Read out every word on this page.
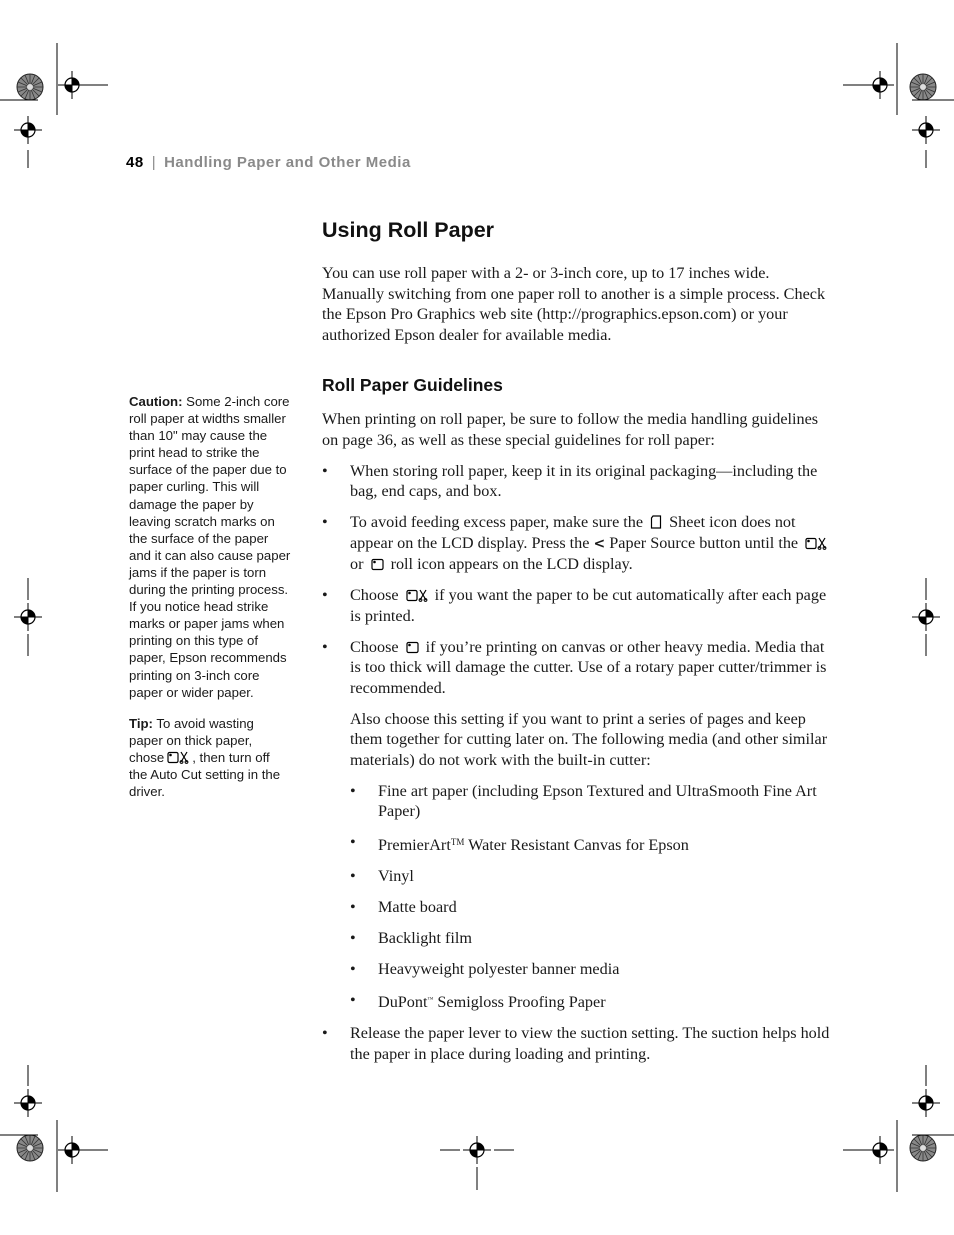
48 | Handling Paper and Other Media

Caution: Some 2-inch core roll paper at widths smaller than 10" may cause the print head to strike the surface of the paper due to paper curling. This will damage the paper by leaving scratch marks on the surface of the paper and it can also cause paper jams if the paper is torn during the printing process. If you notice head strike marks or paper jams when printing on this type of paper, Epson recommends printing on 3-inch core paper or wider paper.

Tip: To avoid wasting paper on thick paper, chose , then turn off the Auto Cut setting in the driver.

Using Roll Paper

You can use roll paper with a 2- or 3-inch core, up to 17 inches wide. Manually switching from one paper roll to another is a simple process. Check the Epson Pro Graphics web site (http://prographics.epson.com) or your authorized Epson dealer for available media.

Roll Paper Guidelines

When printing on roll paper, be sure to follow the media handling guidelines on page 36, as well as these special guidelines for roll paper:

• When storing roll paper, keep it in its original packaging—including the bag, end caps, and box.
• To avoid feeding excess paper, make sure the Sheet icon does not appear on the LCD display. Press the < Paper Source button until the
or roll icon appears on the LCD display.
• Choose if you want the paper to be cut automatically after each page is printed.
• Choose if you’re printing on canvas or other heavy media. Media that is too thick will damage the cutter. Use of a rotary paper cutter/trimmer is recommended.

Also choose this setting if you want to print a series of pages and keep them together for cutting later on. The following media (and other similar materials) do not work with the built-in cutter:

• Fine art paper (including Epson Textured and UltraSmooth Fine Art Paper)
• PremierArt™ Water Resistant Canvas for Epson
• Vinyl
• Matte board
• Backlight film
• Heavyweight polyester banner media
• DuPont™ Semigloss Proofing Paper
• Release the paper lever to view the suction setting. The suction helps hold the paper in place during loading and printing.
